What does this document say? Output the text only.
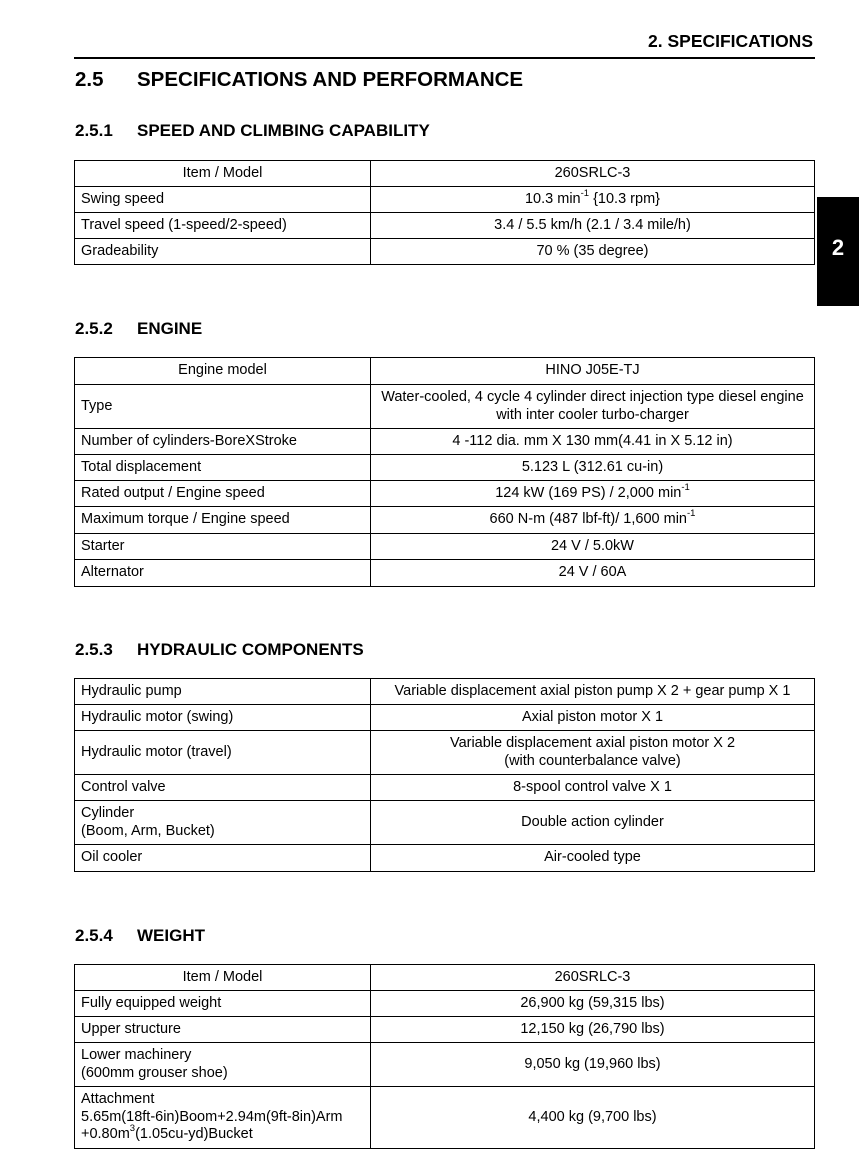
2. SPECIFICATIONS
2
2.5 SPECIFICATIONS AND PERFORMANCE
2.5.1 SPEED AND CLIMBING CAPABILITY
Item / Model	260SRLC-3
Swing speed	10.3 $\min^{-1} \{10.3$ rpm}
Travel speed (1-speed/2-speed)	3.4 / 5.5 km/h (2.1 / 3.4 mile/h)
Gradeability	70 % (35 degree)
2.5.2 ENGINE
Engine model	HINO J05E-TJ
Type	Water-cooled, 4 cycle 4 cylinder direct injection type diesel engine
with inter cooler turbo-charger

Number of cylinders-BoreXStroke	4 -112 dia. mm X 130 mm(4.41 in X 5.12 in)
Total displacement	5.123 L (312.61 cu-in)
Rated output / Engine speed	124 kW (169 PS) / 2,000 $\min^{-1}$
Maximum torque / Engine speed	660 N-m (487 lbf-ft)/ 1,600 $\min^{-1}$
Starter	24 V / 5.0kW
Alternator	24 V / 60A
2.5.3 HYDRAULIC COMPONENTS
Hydraulic pump	Variable displacement axial piston pump X 2 + gear pump X 1
Hydraulic motor (swing)	Axial piston motor X 1
Hydraulic motor (travel)	Variable displacement axial piston motor X 2
(with counterbalance valve)

Control valve	8-spool control valve X 1

Cylinder
(Boom, Arm, Bucket)	Double action cylinder
Oil cooler	Air-cooled type
2.5.4 WEIGHT
Item / Model	260SRLC-3
Fully equipped weight	26,900 kg (59,315 lbs)
Upper structure	12,150 kg (26,790 lbs)

Lower machinery
(600mm grouser shoe)	9,050 kg (19,960 lbs)

Attachment
5.65m(18ft-6in)Boom+2.94m(9ft-8in)Arm
$+0.80m^3(1.05cu-yd)Bucket$	4,400 kg (9,700 lbs)
